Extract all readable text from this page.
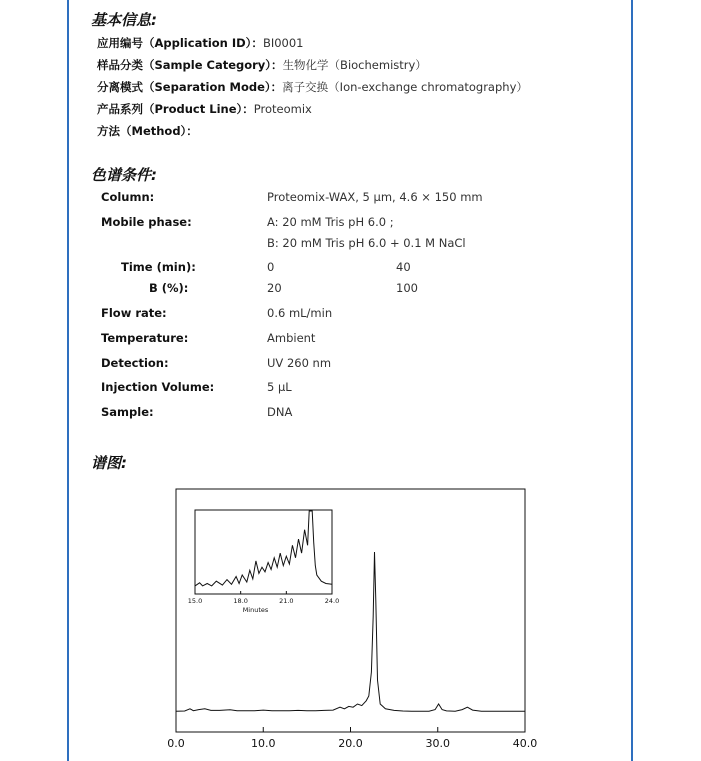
基本信息:
应用编号（Application ID）：BI0001
样品分类（Sample Category）：生物化学（Biochemistry）
分离模式（Separation Mode）：离子交换（Ion-exchange chromatography）
产品系列（Product Line）：Proteomix
方法（Method）：
色谱条件:
Column:	Proteomix-WAX, 5 μm, 4.6 × 150 mm
Mobile phase:	A: 20 mM Tris pH 6.0 ;
B: 20 mM Tris pH 6.0 + 0.1 M NaCl
Time (min):	0	40
B (%):	20	100
Flow rate:	0.6 mL/min
Temperature:	Ambient
Detection:	UV 260 nm
Injection Volume:	5 μL
Sample:	DNA
谱图:
0.0	10.0	20.0	30.0	40.0
15.0	18.0	21.0	24.0
Minutes
